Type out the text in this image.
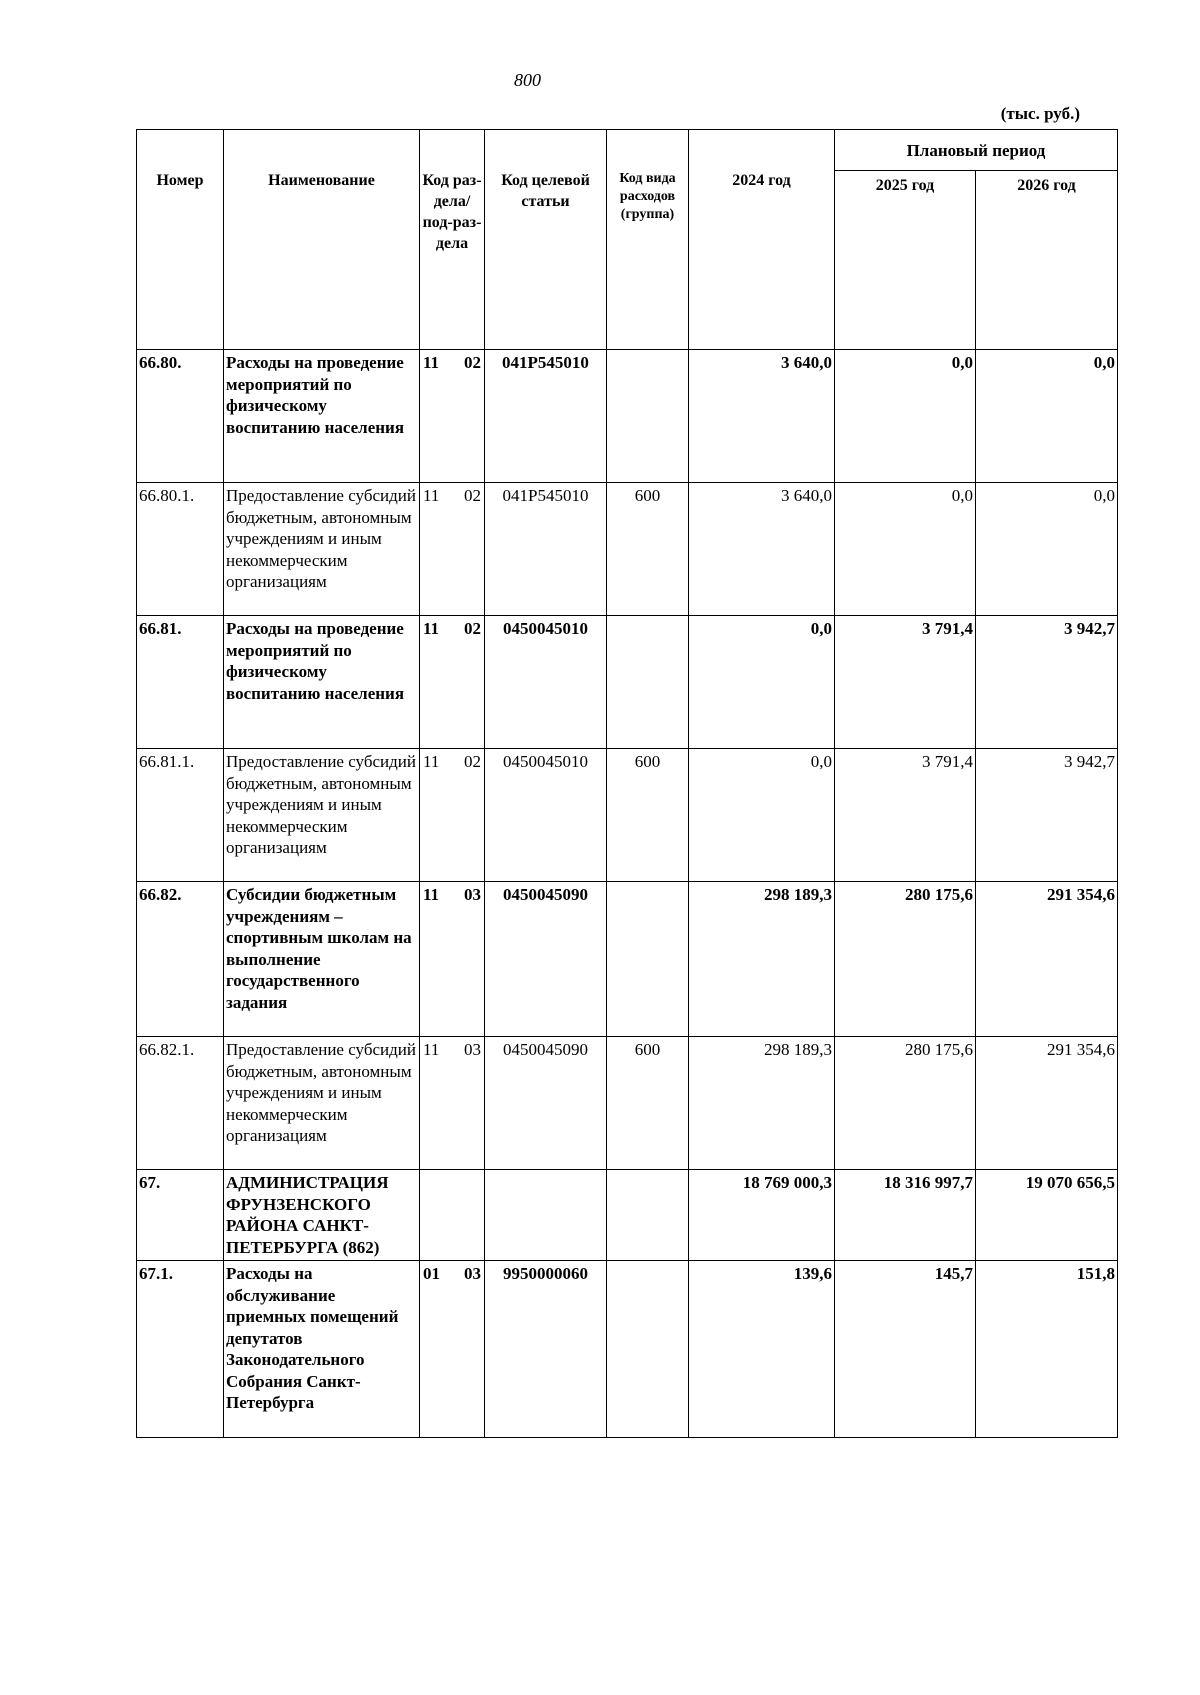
800
(тыс. руб.)
Номер	Наименование	Код раз-дела/ под-раз-дела	Код целевой статьи	Код вида расходов (группа)	2024 год	Плановый период	
						2025 год	2026 год
66.80.	Расходы на проведение мероприятий по физическому воспитанию населения	11 02	041P545010		3 640,0	0,0	0,0
66.80.1.	Предоставление субсидий бюджетным, автономным учреждениям и иным некоммерческим организациям	11 02	041P545010	600	3 640,0	0,0	0,0
66.81.	Расходы на проведение мероприятий по физическому воспитанию населения	11 02	0450045010		0,0	3 791,4	3 942,7
66.81.1.	Предоставление субсидий бюджетным, автономным учреждениям и иным некоммерческим организациям	11 02	0450045010	600	0,0	3 791,4	3 942,7
66.82.	Субсидии бюджетным учреждениям – спортивным школам на выполнение государственного задания	11 03	0450045090		298 189,3	280 175,6	291 354,6
66.82.1.	Предоставление субсидий бюджетным, автономным учреждениям и иным некоммерческим организациям	11 03	0450045090	600	298 189,3	280 175,6	291 354,6
67.	АДМИНИСТРАЦИЯ ФРУНЗЕНСКОГО РАЙОНА САНКТ-ПЕТЕРБУРГА (862)				18 769 000,3	18 316 997,7	19 070 656,5
67.1.	Расходы на обслуживание приемных помещений депутатов Законодательного Собрания Санкт-Петербурга	01 03	9950000060		139,6	145,7	151,8
